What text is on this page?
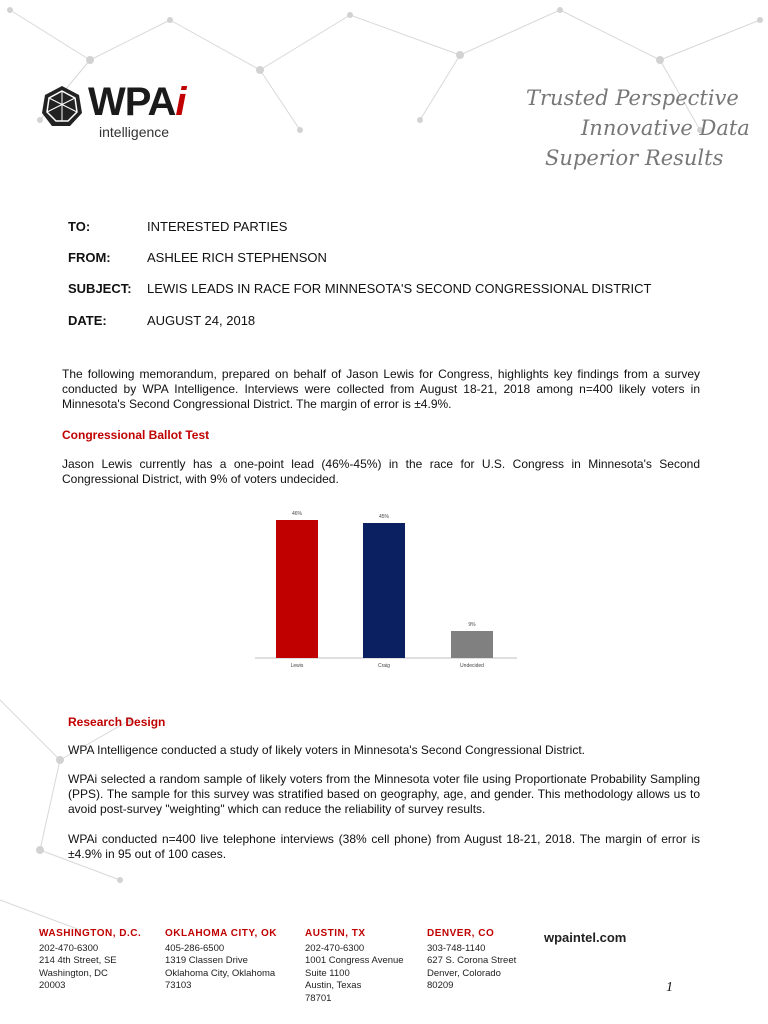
WPAi
intelligence
Trusted Perspective
Innovative Data
Superior Results
TO:	INTERESTED PARTIES
FROM:	ASHLEE RICH STEPHENSON
SUBJECT: LEWIS LEADS IN RACE FOR MINNESOTA'S SECOND CONGRESSIONAL DISTRICT
DATE:	AUGUST 24, 2018
The following memorandum, prepared on behalf of Jason Lewis for Congress, highlights key findings from a survey conducted by WPA Intelligence. Interviews were collected from August 18-21, 2018 among n=400 likely voters in Minnesota's Second Congressional District. The margin of error is ±4.9%.
Congressional Ballot Test
Jason Lewis currently has a one-point lead (46%-45%) in the race for U.S. Congress in Minnesota's Second Congressional District, with 9% of voters undecided.
46%
Lewis
45%
Craig
9%
Undecided
Research Design
WPA Intelligence conducted a study of likely voters in Minnesota's Second Congressional District.
WPAi selected a random sample of likely voters from the Minnesota voter file using Proportionate Probability Sampling (PPS). The sample for this survey was stratified based on geography, age, and gender. This methodology allows us to avoid post-survey "weighting" which can reduce the reliability of survey results.
WPAi conducted n=400 live telephone interviews (38% cell phone) from August 18-21, 2018. The margin of error is ±4.9% in 95 out of 100 cases.
WASHINGTON, D.C.
202-470-6300
214 4th Street, SE
Washington, DC
20003
OKLAHOMA CITY, OK
405-286-6500
1319 Classen Drive
Oklahoma City, Oklahoma
73103
AUSTIN, TX
202-470-6300
1001 Congress Avenue
Suite 1100
Austin, Texas
78701
DENVER, CO
303-748-1140
627 S. Corona Street
Denver, Colorado
80209
wpaintel.com
1
